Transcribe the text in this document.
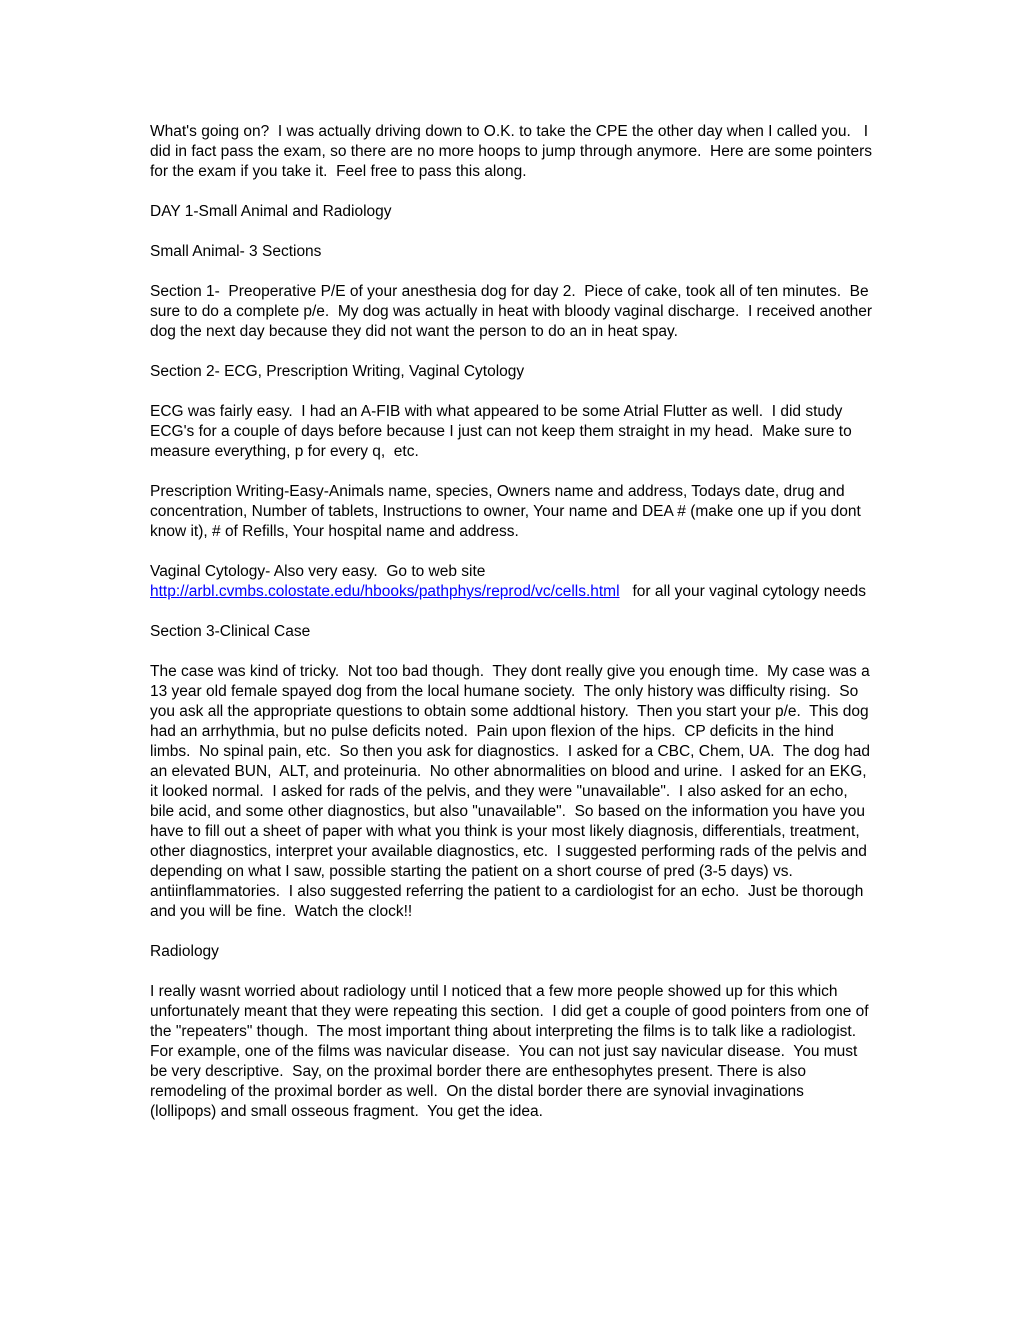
What's going on?  I was actually driving down to O.K. to take the CPE the other day when I called you.   I did in fact pass the exam, so there are no more hoops to jump through anymore.  Here are some pointers for the exam if you take it.  Feel free to pass this along.

DAY 1-Small Animal and Radiology

Small Animal- 3 Sections

Section 1-  Preoperative P/E of your anesthesia dog for day 2.  Piece of cake, took all of ten minutes.  Be sure to do a complete p/e.  My dog was actually in heat with bloody vaginal discharge.  I received another dog the next day because they did not want the person to do an in heat spay.

Section 2- ECG, Prescription Writing, Vaginal Cytology

ECG was fairly easy.  I had an A-FIB with what appeared to be some Atrial Flutter as well.  I did study ECG's for a couple of days before because I just can not keep them straight in my head.  Make sure to measure everything, p for every q,  etc.

Prescription Writing-Easy-Animals name, species, Owners name and address, Todays date, drug and concentration, Number of tablets, Instructions to owner, Your name and DEA # (make one up if you dont know it), # of Refills, Your hospital name and address.

Vaginal Cytology- Also very easy.  Go to web site http://arbl.cvmbs.colostate.edu/hbooks/pathphys/reprod/vc/cells.html   for all your vaginal cytology needs

Section 3-Clinical Case

The case was kind of tricky.  Not too bad though.  They dont really give you enough time.  My case was a 13 year old female spayed dog from the local humane society.  The only history was difficulty rising.  So you ask all the appropriate questions to obtain some addtional history.  Then you start your p/e.  This dog had an arrhythmia, but no pulse deficits noted.  Pain upon flexion of the hips.  CP deficits in the hind limbs.  No spinal pain, etc.  So then you ask for diagnostics.  I asked for a CBC, Chem, UA.  The dog had an elevated BUN,  ALT, and proteinuria.  No other abnormalities on blood and urine.  I asked for an EKG, it looked normal.  I asked for rads of the pelvis, and they were "unavailable".  I also asked for an echo, bile acid, and some other diagnostics, but also "unavailable".  So based on the information you have you have to fill out a sheet of paper with what you think is your most likely diagnosis, differentials, treatment, other diagnostics, interpret your available diagnostics, etc.  I suggested performing rads of the pelvis and depending on what I saw, possible starting the patient on a short course of pred (3-5 days) vs. antiinflammatories.  I also suggested referring the patient to a cardiologist for an echo.  Just be thorough and you will be fine.  Watch the clock!!

Radiology

I really wasnt worried about radiology until I noticed that a few more people showed up for this which unfortunately meant that they were repeating this section.  I did get a couple of good pointers from one of the "repeaters" though.  The most important thing about interpreting the films is to talk like a radiologist.  For example, one of the films was navicular disease.  You can not just say navicular disease.  You must be very descriptive.  Say, on the proximal border there are enthesophytes present. There is also remodeling of the proximal border as well.  On the distal border there are synovial invaginations (lollipops) and small osseous fragment.  You get the idea.
